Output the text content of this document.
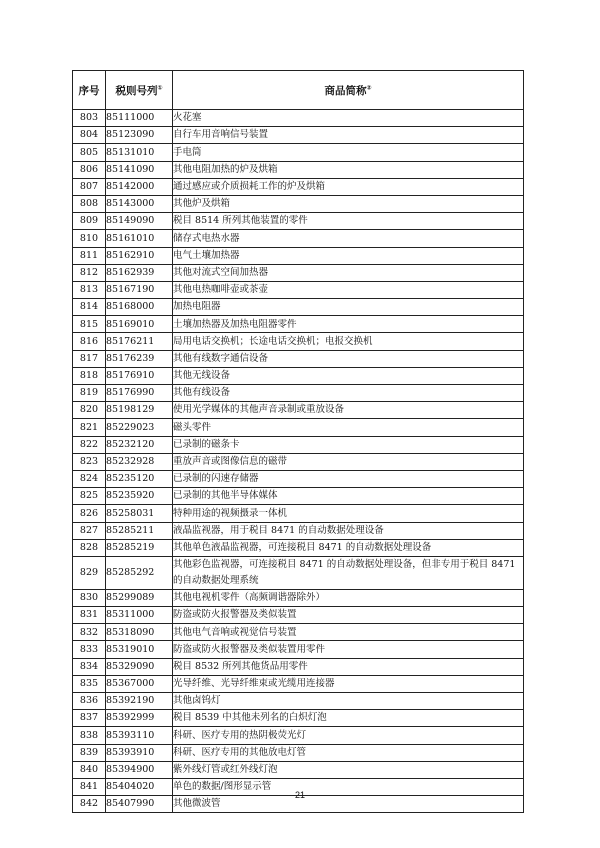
序号	税则号列①	商品简称②
803	85111000	火花塞
804	85123090	自行车用音响信号装置
805	85131010	手电筒
806	85141090	其他电阻加热的炉及烘箱
807	85142000	通过感应或介质损耗工作的炉及烘箱
808	85143000	其他炉及烘箱
809	85149090	税目 8514 所列其他装置的零件
810	85161010	储存式电热水器
811	85162910	电气土壤加热器
812	85162939	其他对流式空间加热器
813	85167190	其他电热咖啡壶或茶壶
814	85168000	加热电阻器
815	85169010	土壤加热器及加热电阻器零件
816	85176211	局用电话交换机；长途电话交换机；电报交换机
817	85176239	其他有线数字通信设备
818	85176910	其他无线设备
819	85176990	其他有线设备
820	85198129	使用光学媒体的其他声音录制或重放设备
821	85229023	磁头零件
822	85232120	已录制的磁条卡
823	85232928	重放声音或图像信息的磁带
824	85235120	已录制的闪速存储器
825	85235920	已录制的其他半导体媒体
826	85258031	特种用途的视频摄录一体机
827	85285211	液晶监视器，用于税目 8471 的自动数据处理设备
828	85285219	其他单色液晶监视器，可连接税目 8471 的自动数据处理设备
829	85285292	其他彩色监视器，可连接税目 8471 的自动数据处理设备，但非专用于税目 8471 的自动数据处理系统
830	85299089	其他电视机零件（高频调谐器除外）
831	85311000	防盗或防火报警器及类似装置
832	85318090	其他电气音响或视觉信号装置
833	85319010	防盗或防火报警器及类似装置用零件
834	85329090	税目 8532 所列其他货品用零件
835	85367000	光导纤维、光导纤维束或光缆用连接器
836	85392190	其他卤钨灯
837	85392999	税目 8539 中其他未列名的白炽灯泡
838	85393110	科研、医疗专用的热阴极荧光灯
839	85393910	科研、医疗专用的其他放电灯管
840	85394900	紫外线灯管或红外线灯泡
841	85404020	单色的数据/图形显示管
842	85407990	其他微波管
21
